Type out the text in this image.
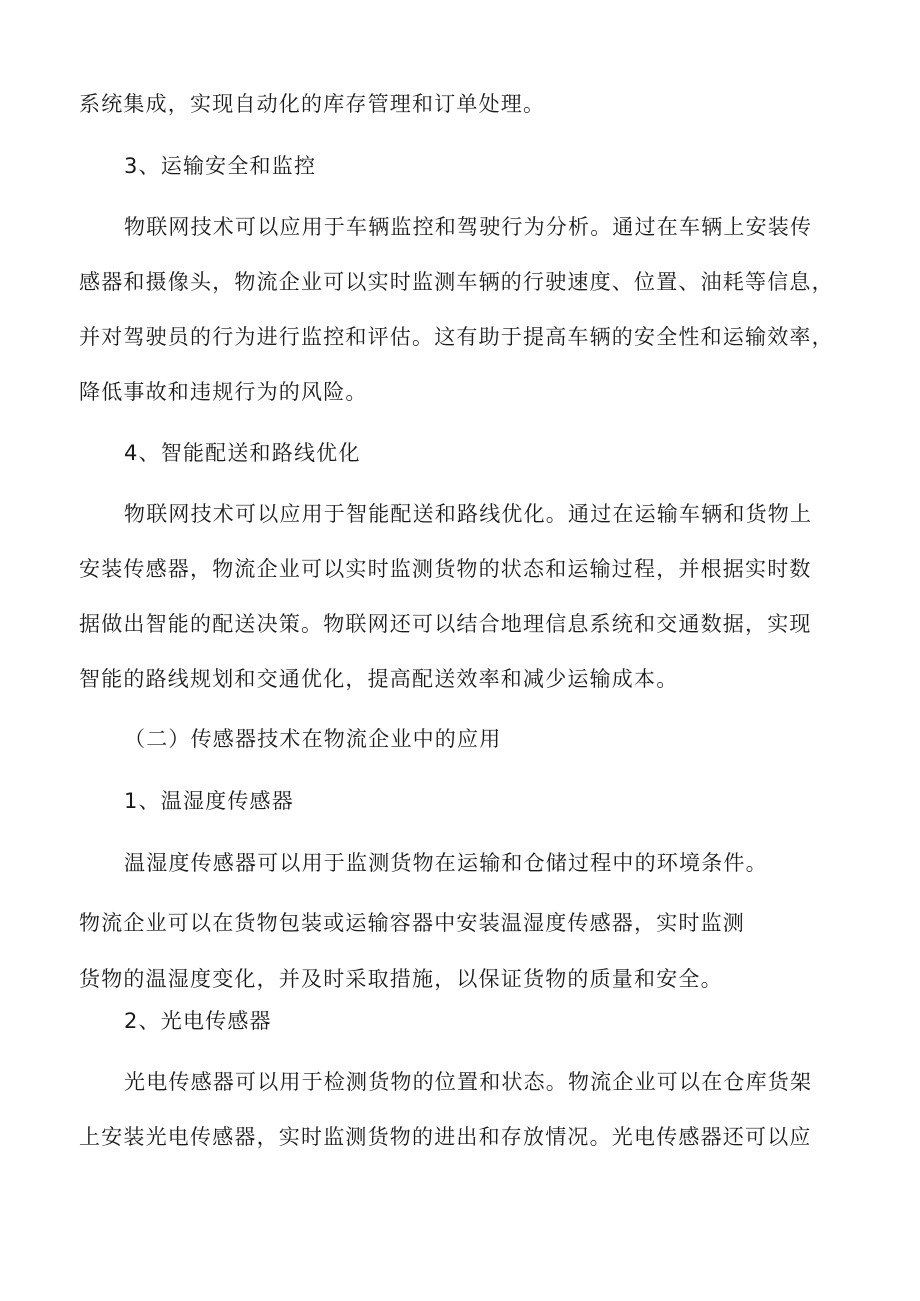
系统集成，实现自动化的库存管理和订单处理。
3、运输安全和监控
物联网技术可以应用于车辆监控和驾驶行为分析。通过在车辆上安装传
感器和摄像头，物流企业可以实时监测车辆的行驶速度、位置、油耗等信息，
并对驾驶员的行为进行监控和评估。这有助于提高车辆的安全性和运输效率，
降低事故和违规行为的风险。
4、智能配送和路线优化
物联网技术可以应用于智能配送和路线优化。通过在运输车辆和货物上
安装传感器，物流企业可以实时监测货物的状态和运输过程，并根据实时数
据做出智能的配送决策。物联网还可以结合地理信息系统和交通数据，实现
智能的路线规划和交通优化，提高配送效率和减少运输成本。
（二）传感器技术在物流企业中的应用
1、温湿度传感器
温湿度传感器可以用于监测货物在运输和仓储过程中的环境条件。
物流企业可以在货物包装或运输容器中安装温湿度传感器，实时监测
货物的温湿度变化，并及时采取措施，以保证货物的质量和安全。
2、光电传感器
光电传感器可以用于检测货物的位置和状态。物流企业可以在仓库货架
上安装光电传感器，实时监测货物的进出和存放情况。光电传感器还可以应
